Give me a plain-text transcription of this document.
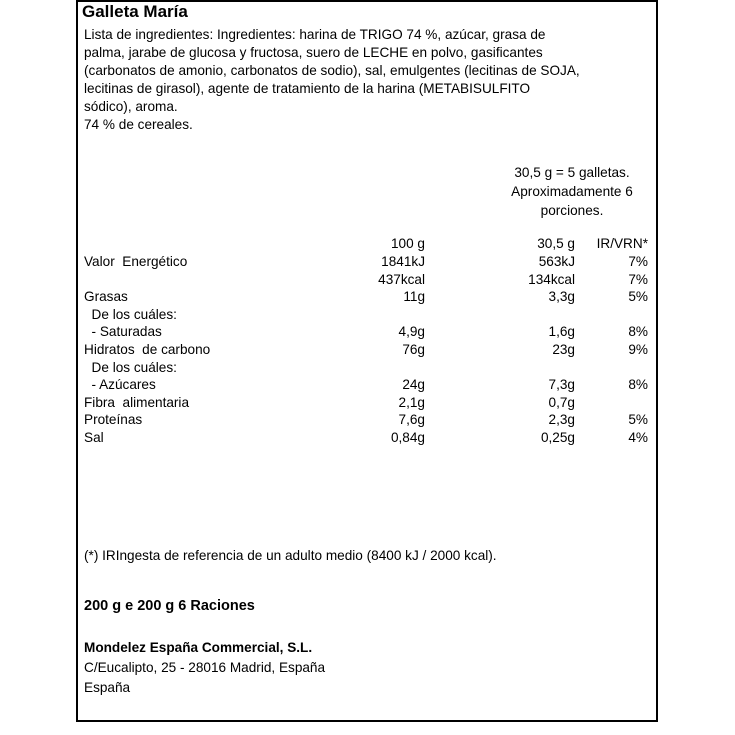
Galleta María
Lista de ingredientes: Ingredientes: harina de TRIGO 74 %, azúcar, grasa de
palma, jarabe de glucosa y fructosa, suero de LECHE en polvo, gasificantes
(carbonatos de amonio, carbonatos de sodio), sal, emulgentes (lecitinas de SOJA,
lecitinas de girasol), agente de tratamiento de la harina (METABISULFITO
sódico), aroma.
74 % de cereales.
30,5 g = 5 galletas.
Aproximadamente 6
porciones.
100 g	30,5 g	IR/VRN*
Valor  Energético	1841kJ	563kJ	7%
437kcal	134kcal	7%
Grasas	11g	3,3g	5%
De los cuáles:
- Saturadas	4,9g	1,6g	8%
Hidratos  de carbono	76g	23g	9%
De los cuáles:
- Azúcares	24g	7,3g	8%
Fibra  alimentaria	2,1g	0,7g
Proteínas	7,6g	2,3g	5%
Sal	0,84g	0,25g	4%
(*) IRIngesta de referencia de un adulto medio (8400 kJ / 2000 kcal).
200 g e 200 g 6 Raciones
Mondelez España Commercial, S.L.
C/Eucalipto, 25 - 28016 Madrid, España
España
